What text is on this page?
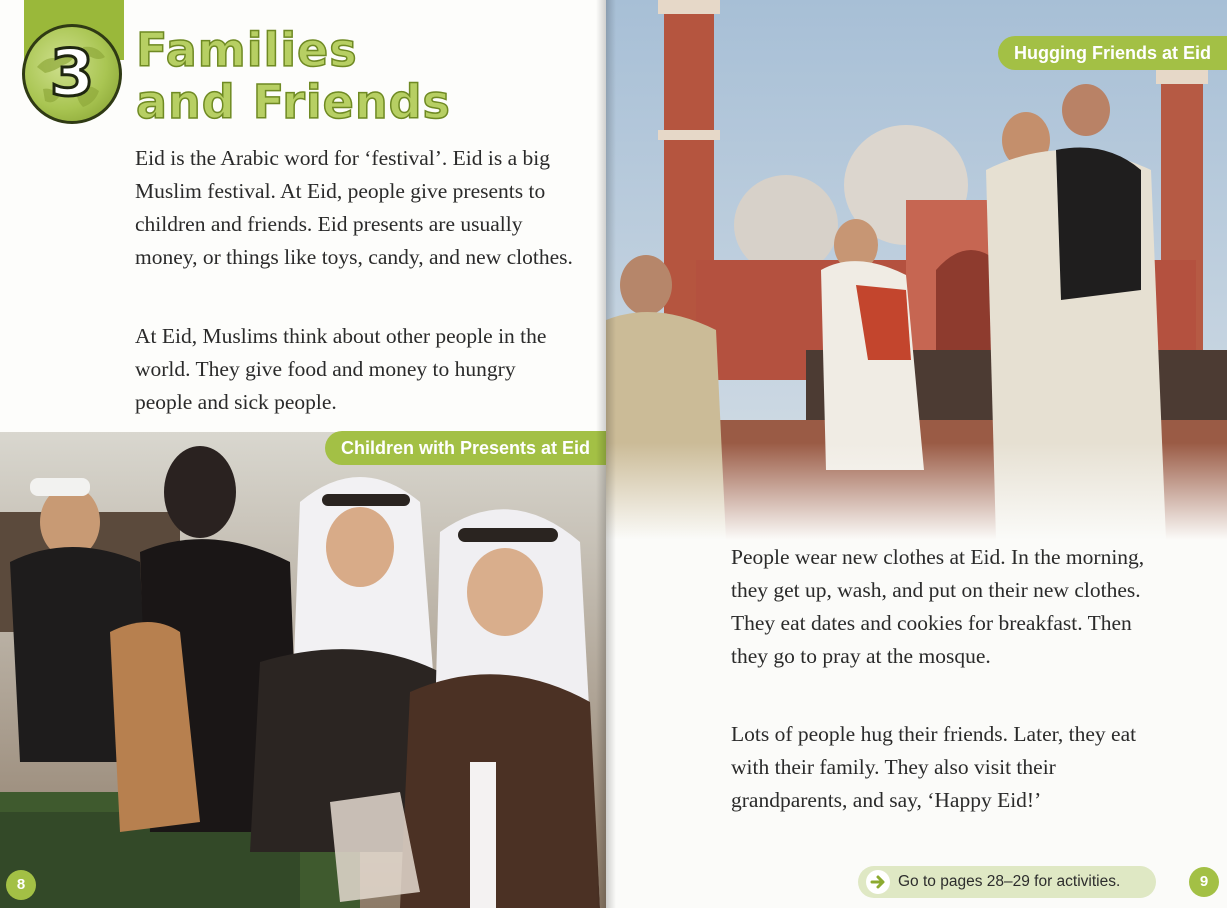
3 Families and Friends

Eid is the Arabic word for ‘festival’. Eid is a big Muslim festival. At Eid, people give presents to children and friends. Eid presents are usually money, or things like toys, candy, and new clothes.

At Eid, Muslims think about other people in the world. They give food and money to hungry people and sick people.

Children with Presents at Eid
8
Hugging Friends at Eid

People wear new clothes at Eid. In the morning, they get up, wash, and put on their new clothes. They eat dates and cookies for breakfast. Then they go to pray at the mosque.

Lots of people hug their friends. Later, they eat with their family. They also visit their grandparents, and say, ‘Happy Eid!’

Go to pages 28–29 for activities.	9
